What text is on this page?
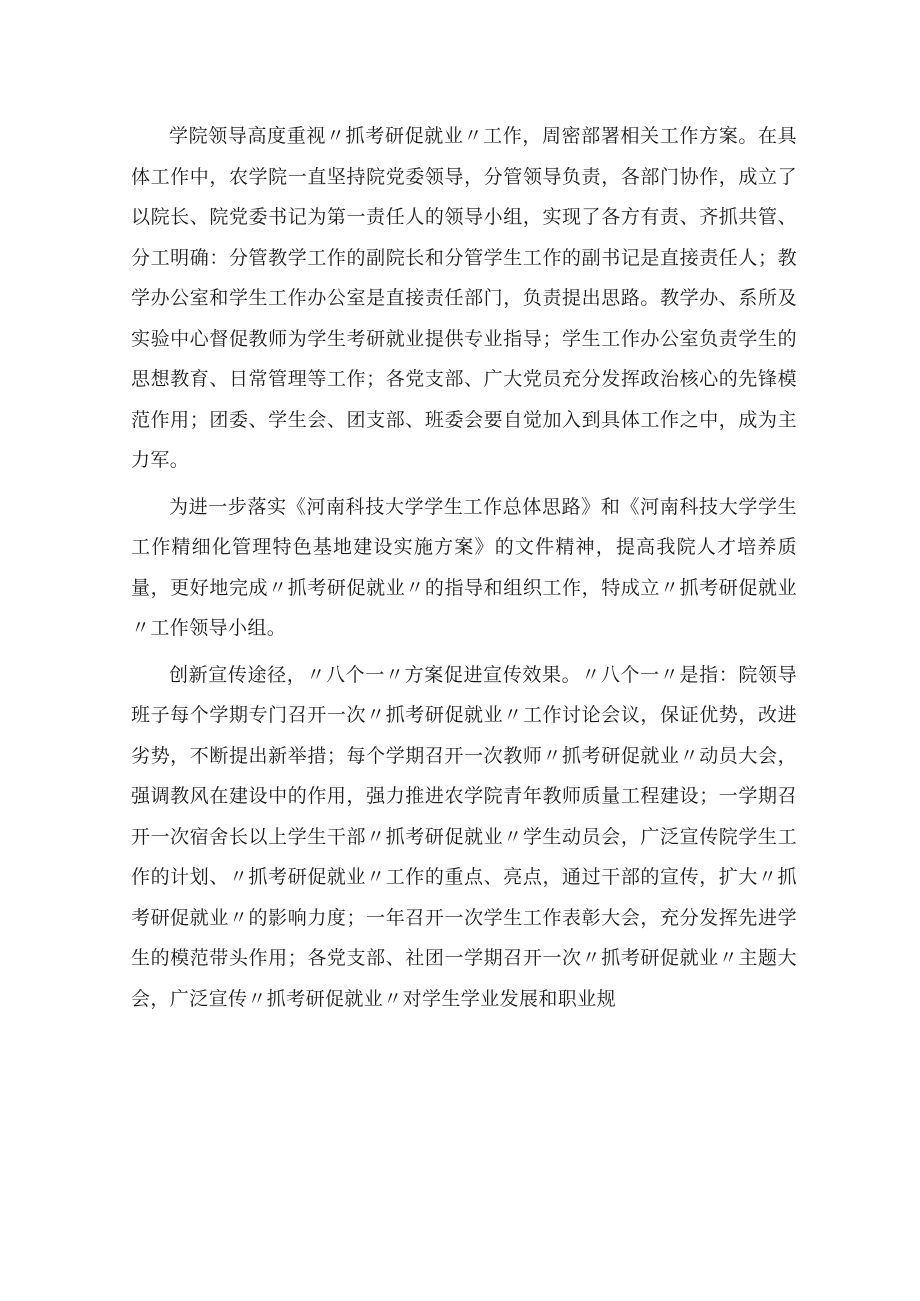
学院领导高度重视〃抓考研促就业〃工作，周密部署相关工作方案。在具体工作中，农学院一直坚持院党委领导，分管领导负责，各部门协作，成立了以院长、院党委书记为第一责任人的领导小组，实现了各方有责、齐抓共管、分工明确：分管教学工作的副院长和分管学生工作的副书记是直接责任人；教学办公室和学生工作办公室是直接责任部门，负责提出思路。教学办、系所及实验中心督促教师为学生考研就业提供专业指导；学生工作办公室负责学生的思想教育、日常管理等工作；各党支部、广大党员充分发挥政治核心的先锋模范作用；团委、学生会、团支部、班委会要自觉加入到具体工作之中，成为主力军。

为进一步落实《河南科技大学学生工作总体思路》和《河南科技大学学生工作精细化管理特色基地建设实施方案》的文件精神，提高我院人才培养质量，更好地完成〃抓考研促就业〃的指导和组织工作，特成立〃抓考研促就业〃工作领导小组。

创新宣传途径，〃八个一〃方案促进宣传效果。〃八个一〃是指：院领导班子每个学期专门召开一次〃抓考研促就业〃工作讨论会议，保证优势，改进劣势，不断提出新举措；每个学期召开一次教师〃抓考研促就业〃动员大会，强调教风在建设中的作用，强力推进农学院青年教师质量工程建设；一学期召开一次宿舍长以上学生干部〃抓考研促就业〃学生动员会，广泛宣传院学生工作的计划、〃抓考研促就业〃工作的重点、亮点，通过干部的宣传，扩大〃抓考研促就业〃的影响力度；一年召开一次学生工作表彰大会，充分发挥先进学生的模范带头作用；各党支部、社团一学期召开一次〃抓考研促就业〃主题大会，广泛宣传〃抓考研促就业〃对学生学业发展和职业规
